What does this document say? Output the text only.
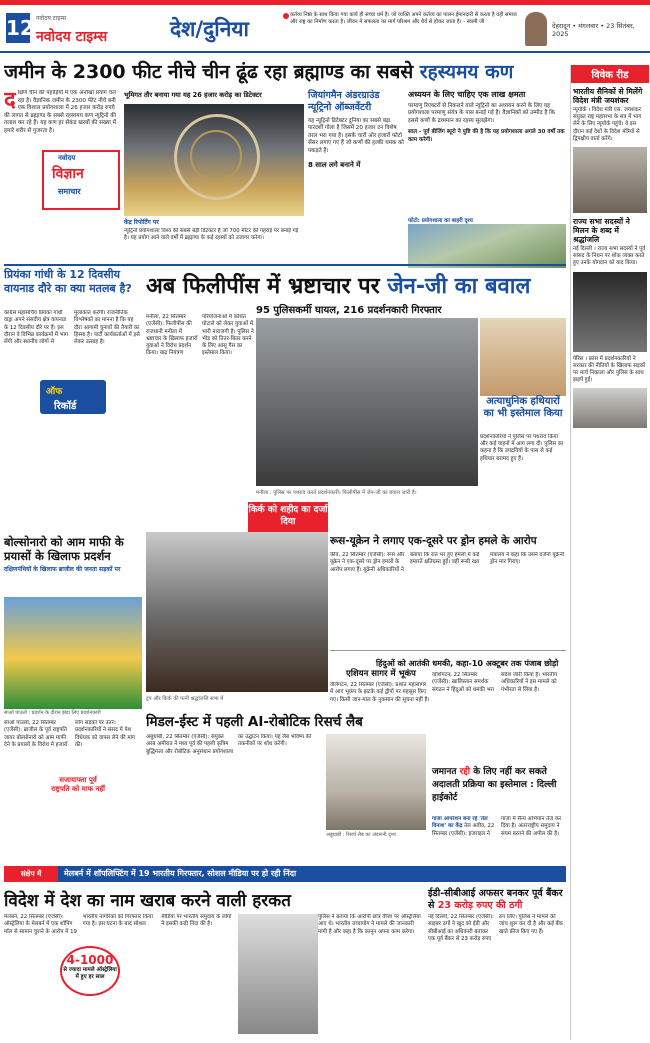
12 नवोदय टाइम्स
नवोदय टाइम्स	देश/दुनिया
कर्तव्य निष्ठा के साथ किया गया कार्य ही सच्चा धर्म है। जो व्यक्ति अपने कर्तव्य का पालन ईमानदारी से करता है वही समाज और राष्ट्र का निर्माण करता है। जीवन में सफलता का मार्ग परिश्रम और धैर्य से होकर जाता है। - स्वामी जी	देहरादून • मंगलवार • 23 सितंबर, 2025
जमीन के 2300 फीट नीचे चीन ढूंढ रहा ब्रह्माण्ड का सबसे रहस्यमय कण
द क्षिण चीन की पहाड़ियों में एक अनोखा प्रयोग चल रहा है। वैज्ञानिक जमीन के 2300 फीट नीचे बनी एक विशाल प्रयोगशाला में 26 हजार करोड़ रुपये की लागत से ब्रह्माण्ड के सबसे रहस्यमय कण न्यूट्रिनो की तलाश कर रहे हैं। यह कण हर सेकंड खरबों की संख्या में हमारे शरीर से गुजरता है।
नवोदय
विज्ञान
समाचार
भूमिगत तौर बनाया गया यह 26 हजार करोड़ का डिटेक्टर
केंद्र रिपोर्टिंग पर
न्यूट्रिनो प्रयोगशाला विश्व की सबसे बड़ी डिटेक्टर है जो 700 मीटर की गहराई पर बनाई गई है। यह प्रयोग आने वाले वर्षों में ब्रह्माण्ड के कई रहस्यों को उजागर करेगा।
जियांगमैन अंडरग्राउंड न्यूट्रिनो ऑब्जर्वेटरी
यह न्यूट्रिनो डिटेक्टर दुनिया का सबसे बड़ा पारदर्शी गोला है जिसमें 20 हजार टन विशेष तरल भरा गया है। इसके चारों ओर हजारों फोटो सेंसर लगाए गए हैं जो कणों की हल्की चमक को पकड़ते हैं।
8 साल लगे बनाने में
अध्ययन के लिए चाहिए एक लाख क्षमता
परमाणु रिएक्टरों से निकलने वाले न्यूट्रिनो का अध्ययन करने के लिए यह प्रयोगशाला परमाणु संयंत्र के पास बनाई गई है। वैज्ञानिकों को उम्मीद है कि इससे कणों के द्रव्यमान का रहस्य सुलझेगा।
साल - पूर्व बीजिंग ब्यूरो ने पुष्टि की है कि यह प्रयोगशाला अगले 30 वर्षों तक काम करेगी।
फोटो: प्रयोगशाला का बाहरी दृश्य
विवेक रीड
भारतीय सैनिकों से मिलेंगे विदेश मंत्री जयशंकर
न्यूयॉर्क । विदेश मंत्री एस. जयशंकर संयुक्त राष्ट्र महासभा के सत्र में भाग लेने के लिए न्यूयॉर्क पहुंचे। वे इस दौरान कई देशों के विदेश मंत्रियों से द्विपक्षीय वार्ता करेंगे।
राज्य सभा सदस्यों ने मिलन के शब्द में श्रद्धांजलि
नई दिल्ली । राज्य सभा सदस्यों ने पूर्व सांसद के निधन पर शोक व्यक्त करते हुए उनके योगदान को याद किया।
पेरिस । फ्रांस में प्रदर्शनकारियों ने सरकार की नीतियों के खिलाफ सड़कों पर मार्च निकाला और पुलिस के साथ झड़पें हुईं।
प्रियंका गांधी के 12 दिवसीय वायनाड दौरे का क्या मतलब है?
कांग्रेस महासचिव प्रियंका गांधी वाड्रा अपने संसदीय क्षेत्र वायनाड के 12 दिवसीय दौरे पर हैं। इस दौरान वे विभिन्न कार्यक्रमों में भाग लेंगी और स्थानीय लोगों से मुलाकात करेंगी। राजनीतिक विश्लेषकों का मानना है कि यह दौरा आगामी चुनावों की तैयारी का हिस्सा है। पार्टी कार्यकर्ताओं में इसे लेकर उत्साह है।
ऑफ
रिकॉर्ड
अब फिलीपींस में भ्रष्टाचार पर जेन-जी का बवाल
95 पुलिसकर्मी घायल, 216 प्रदर्शनकारी गिरफ्तार
मनीला, 22 सितम्बर (एजेंसी): फिलीपींस की राजधानी मनीला में भ्रष्टाचार के खिलाफ हजारों युवाओं ने विरोध प्रदर्शन किया। बाढ़ नियंत्रण परियोजनाओं में कथित घोटाले को लेकर युवाओं में भारी नाराजगी है। पुलिस ने भीड़ को तितर-बितर करने के लिए आंसू गैस का इस्तेमाल किया।
अत्याधुनिक हथियारों का भी इस्तेमाल किया
प्रदर्शनकारियों ने पुलिस पर पथराव किया और कई वाहनों में आग लगा दी। पुलिस का कहना है कि उपद्रवियों के पास से कई हथियार बरामद हुए हैं।
मनीला : पुलिस पर पथराव करते प्रदर्शनकारी। फिलीपींस में जेन-जी का बवाल जारी है।
किर्क को शहीद का दर्जा दिया
ट्रंप और किर्क की पत्नी श्रद्धांजलि सभा में
बोल्सोनारो को आम माफी के प्रयासों के खिलाफ प्रदर्शन
दक्षिणपंथियों के खिलाफ ब्राजील की जनता सड़कों पर
साओ पाउलो : प्रदर्शन के दौरान झंडा लिए प्रदर्शनकारी
साओ पाउलो, 22 सितम्बर (एजेंसी): ब्राजील के पूर्व राष्ट्रपति जायर बोल्सोनारो को आम माफी देने के प्रयासों के विरोध में हजारों लोग सड़कों पर उतरे। प्रदर्शनकारियों ने संसद में पेश विधेयक को वापस लेने की मांग की।
सजायाफ्ता पूर्व राष्ट्रपति को माफ नहीं
रूस-यूक्रेन ने लगाए एक-दूसरे पर ड्रोन हमले के आरोप
कीव, 22 सितम्बर (एजेंसी): रूस और यूक्रेन ने एक-दूसरे पर ड्रोन हमलों के आरोप लगाए हैं। यूक्रेनी अधिकारियों ने बताया कि रात भर हुए हमलों में कई इमारतें क्षतिग्रस्त हुईं। वहीं रूसी रक्षा मंत्रालय ने कहा कि उसने दर्जनों यूक्रेनी ड्रोन मार गिराए।
हिंदुओं को आतंकी धमकी, कहा-10 अक्टूबर तक पंजाब छोड़ो
एशियन सागर में भूकंप
वेलिंगटन, 22 सितम्बर (एजेंसी): प्रशांत महासागर में आए भूकंप के झटके कई द्वीपों पर महसूस किए गए। किसी जान-माल के नुकसान की सूचना नहीं है।
वाशिंगटन, 22 सितम्बर (एजेंसी): खालिस्तान समर्थक संगठन ने हिंदुओं को धमकी भरा संदेश जारी किया है। भारतीय अधिकारियों ने इस मामले को गंभीरता से लिया है।
मिडल-ईस्ट में पहली AI-रोबोटिक रिसर्च लैब
अबुधाबी, 22 सितम्बर (एजेंसी): संयुक्त अरब अमीरात ने मध्य पूर्व की पहली कृत्रिम बुद्धिमत्ता और रोबोटिक अनुसंधान प्रयोगशाला का उद्घाटन किया। यह लैब भविष्य की तकनीकों पर शोध करेगी।
अबुधाबी : रिसर्च लैब का अंदरूनी दृश्य
जमानत रद्दी के लिए नहीं कर सकते अदालती प्रक्रिया का इस्तेमाल : दिल्ली हाईकोर्ट
गाजा आपरेशन बना रहे 'तेल विनाश' का केंद्र तेल अवीव, 22 सितम्बर (एजेंसी): इजराइल ने गाजा में सैन्य अभियान तेज कर दिया है। अंतरराष्ट्रीय समुदाय ने संयम बरतने की अपील की है।
संक्षेप में	मेलबर्न में शॉपलिफ्टिंग में 19 भारतीय गिरफ्तार, सोशल मीडिया पर हो रही निंदा
विदेश में देश का नाम खराब करने वाली हरकत
मेलबर्न, 22 सितम्बर (एजेंसी): ऑस्ट्रेलिया के मेलबर्न में एक शॉपिंग मॉल से सामान चुराने के आरोप में 19 भारतीय नागरिकों को गिरफ्तार किया गया है। इस घटना के बाद सोशल मीडिया पर भारतीय समुदाय के लोगों ने इसकी कड़ी निंदा की है।
4-1000
से ज्यादा मामले ऑस्ट्रेलिया में हुए हर साल
पुलिस ने बताया कि आरोपी छात्र वीजा पर ऑस्ट्रेलिया आए थे। भारतीय उच्चायोग ने मामले की जानकारी मांगी है और कहा है कि कानून अपना काम करेगा।
ईडी-सीबीआई अफसर बनकर पूर्व बैंकर से 23 करोड़ रुपए की ठगी
नई दिल्ली, 22 सितम्बर (एजेंसी): साइबर ठगों ने खुद को ईडी और सीबीआई का अधिकारी बताकर एक पूर्व बैंकर से 23 करोड़ रुपए ठग लिए। पुलिस ने मामले की जांच शुरू कर दी है और कई बैंक खाते फ्रीज किए गए हैं।
